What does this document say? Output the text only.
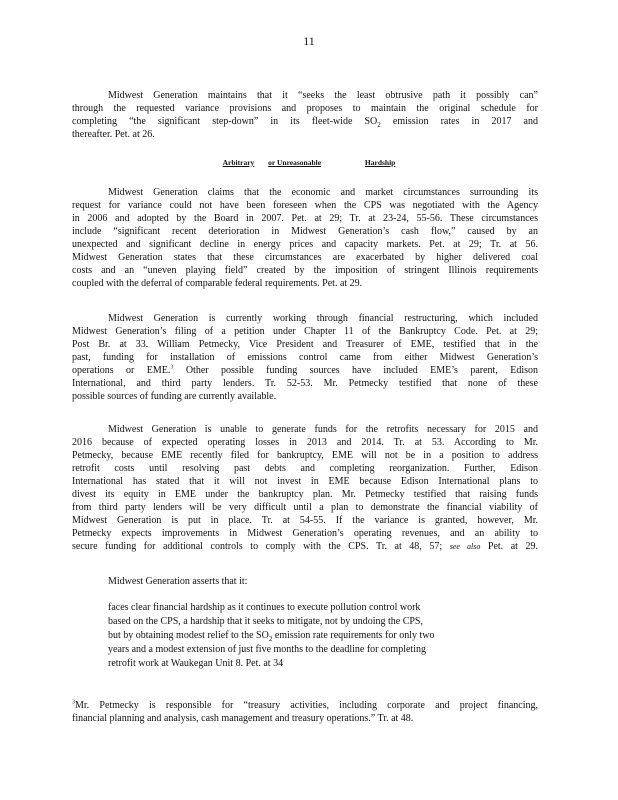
11
Midwest Generation maintains that it “seeks the least obtrusive path it possibly can”
through the requested variance provisions and proposes to maintain the original schedule for
completing “the significant step-down” in its fleet-wide $SO_2$ emission rates in 2017 and
thereafter. Pet. at 26.
Arbitrary or Unreasonable	Hardship
Midwest Generation claims that the economic and market circumstances surrounding its
request for variance could not have been foreseen when the CPS was negotiated with the Agency
in 2006 and adopted by the Board in 2007. Pet. at 29; Tr. at 23-24, 55-56. These circumstances
include “significant recent deterioration in Midwest Generation’s cash flow,” caused by an
unexpected and significant decline in energy prices and capacity markets. Pet. at 29; Tr. at 56.
Midwest Generation states that these circumstances are exacerbated by higher delivered coal
costs and an “uneven playing field” created by the imposition of stringent Illinois requirements
coupled with the deferral of comparable federal requirements. Pet. at 29.
Midwest Generation is currently working through financial restructuring, which included
Midwest Generation’s filing of a petition under Chapter 11 of the Bankruptcy Code. Pet. at 29;
Post Br. at 33. William Petmecky, Vice President and Treasurer of EME, testified that in the
past, funding for installation of emissions control came from either Midwest Generation’s
operations or EME.$^3$ Other possible funding sources have included EME’s parent, Edison
International, and third party lenders. Tr. 52-53. Mr. Petmecky testified that none of these
possible sources of funding are currently available.
Midwest Generation is unable to generate funds for the retrofits necessary for 2015 and
2016 because of expected operating losses in 2013 and 2014. Tr. at 53. According to Mr.
Petmecky, because EME recently filed for bankruptcy, EME will not be in a position to address
retrofit costs until resolving past debts and completing reorganization. Further, Edison
International has stated that it will not invest in EME because Edison International plans to
divest its equity in EME under the bankruptcy plan. Mr. Petmecky testified that raising funds
from third party lenders will be very difficult until a plan to demonstrate the financial viability of
Midwest Generation is put in place. Tr. at 54-55. If the variance is granted, however, Mr.
Petmecky expects improvements in Midwest Generation’s operating revenues, and an ability to
secure funding for additional controls to comply with the CPS. Tr. at 48, 57; see also Pet. at 29.
Midwest Generation asserts that it:
faces clear financial hardship as it continues to execute pollution control work
based on the CPS, a hardship that it seeks to mitigate, not by undoing the CPS,
but by obtaining modest relief to the $SO_2$ emission rate requirements for only two
years and a modest extension of just five months to the deadline for completing
retrofit work at Waukegan Unit 8. Pet. at 34
$^3$Mr. Petmecky is responsible for “treasury activities, including corporate and project financing,
financial planning and analysis, cash management and treasury operations.” Tr. at 48.
